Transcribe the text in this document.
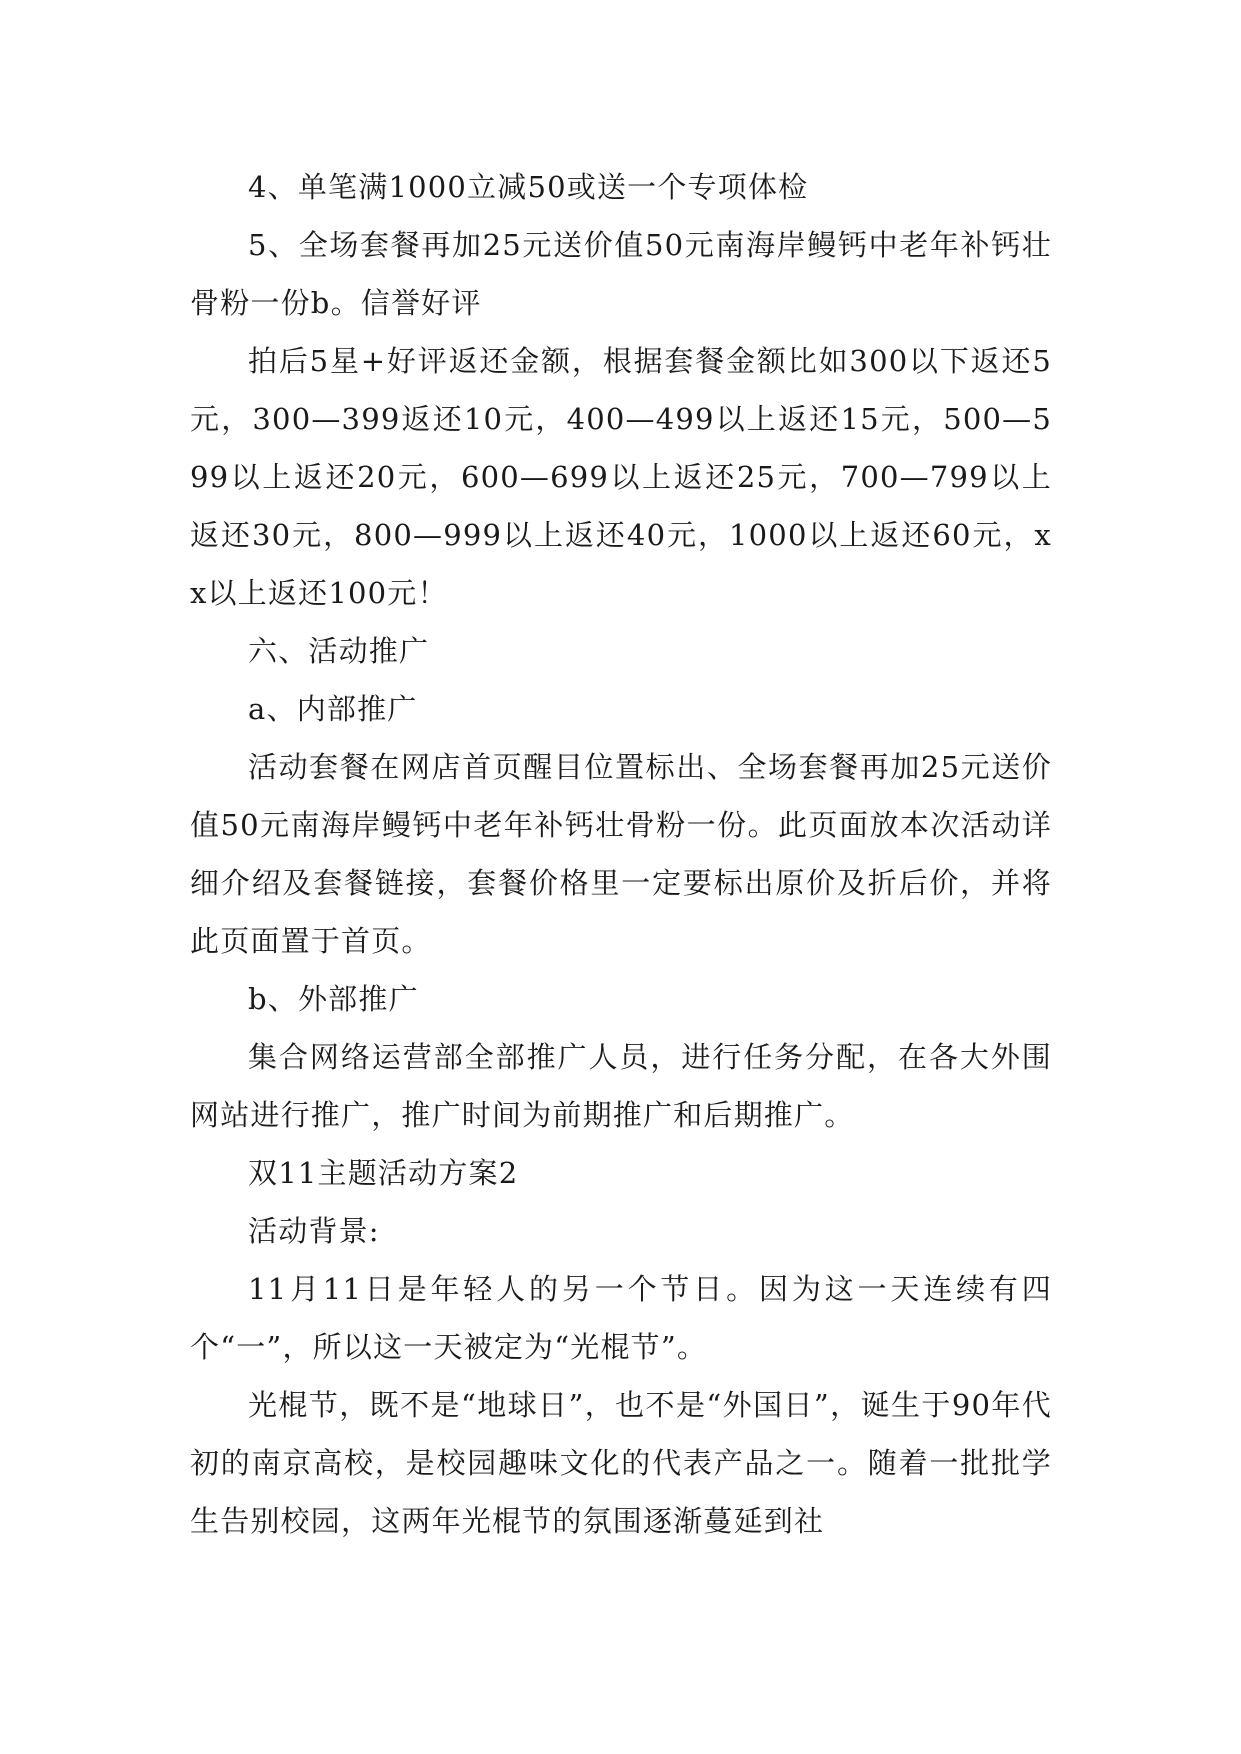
4、单笔满1000立减50或送一个专项体检

5、全场套餐再加25元送价值50元南海岸鳗钙中老年补钙壮骨粉一份b。信誉好评

拍后5星+好评返还金额，根据套餐金额比如300以下返还5元，300—399返还10元，400—499以上返还15元，500—599以上返还20元，600—699以上返还25元，700—799以上返还30元，800—999以上返还40元，1000以上返还60元，xx以上返还100元！

六、活动推广

a、内部推广

活动套餐在网店首页醒目位置标出、全场套餐再加25元送价值50元南海岸鳗钙中老年补钙壮骨粉一份。此页面放本次活动详细介绍及套餐链接，套餐价格里一定要标出原价及折后价，并将此页面置于首页。

b、外部推广

集合网络运营部全部推广人员，进行任务分配，在各大外围网站进行推广，推广时间为前期推广和后期推广。

双11主题活动方案2

活动背景:

11月11日是年轻人的另一个节日。因为这一天连续有四个“一”，所以这一天被定为“光棍节”。

光棍节，既不是“地球日”，也不是“外国日”，诞生于90年代初的南京高校，是校园趣味文化的代表产品之一。随着一批批学生告别校园，这两年光棍节的氛围逐渐蔓延到社
